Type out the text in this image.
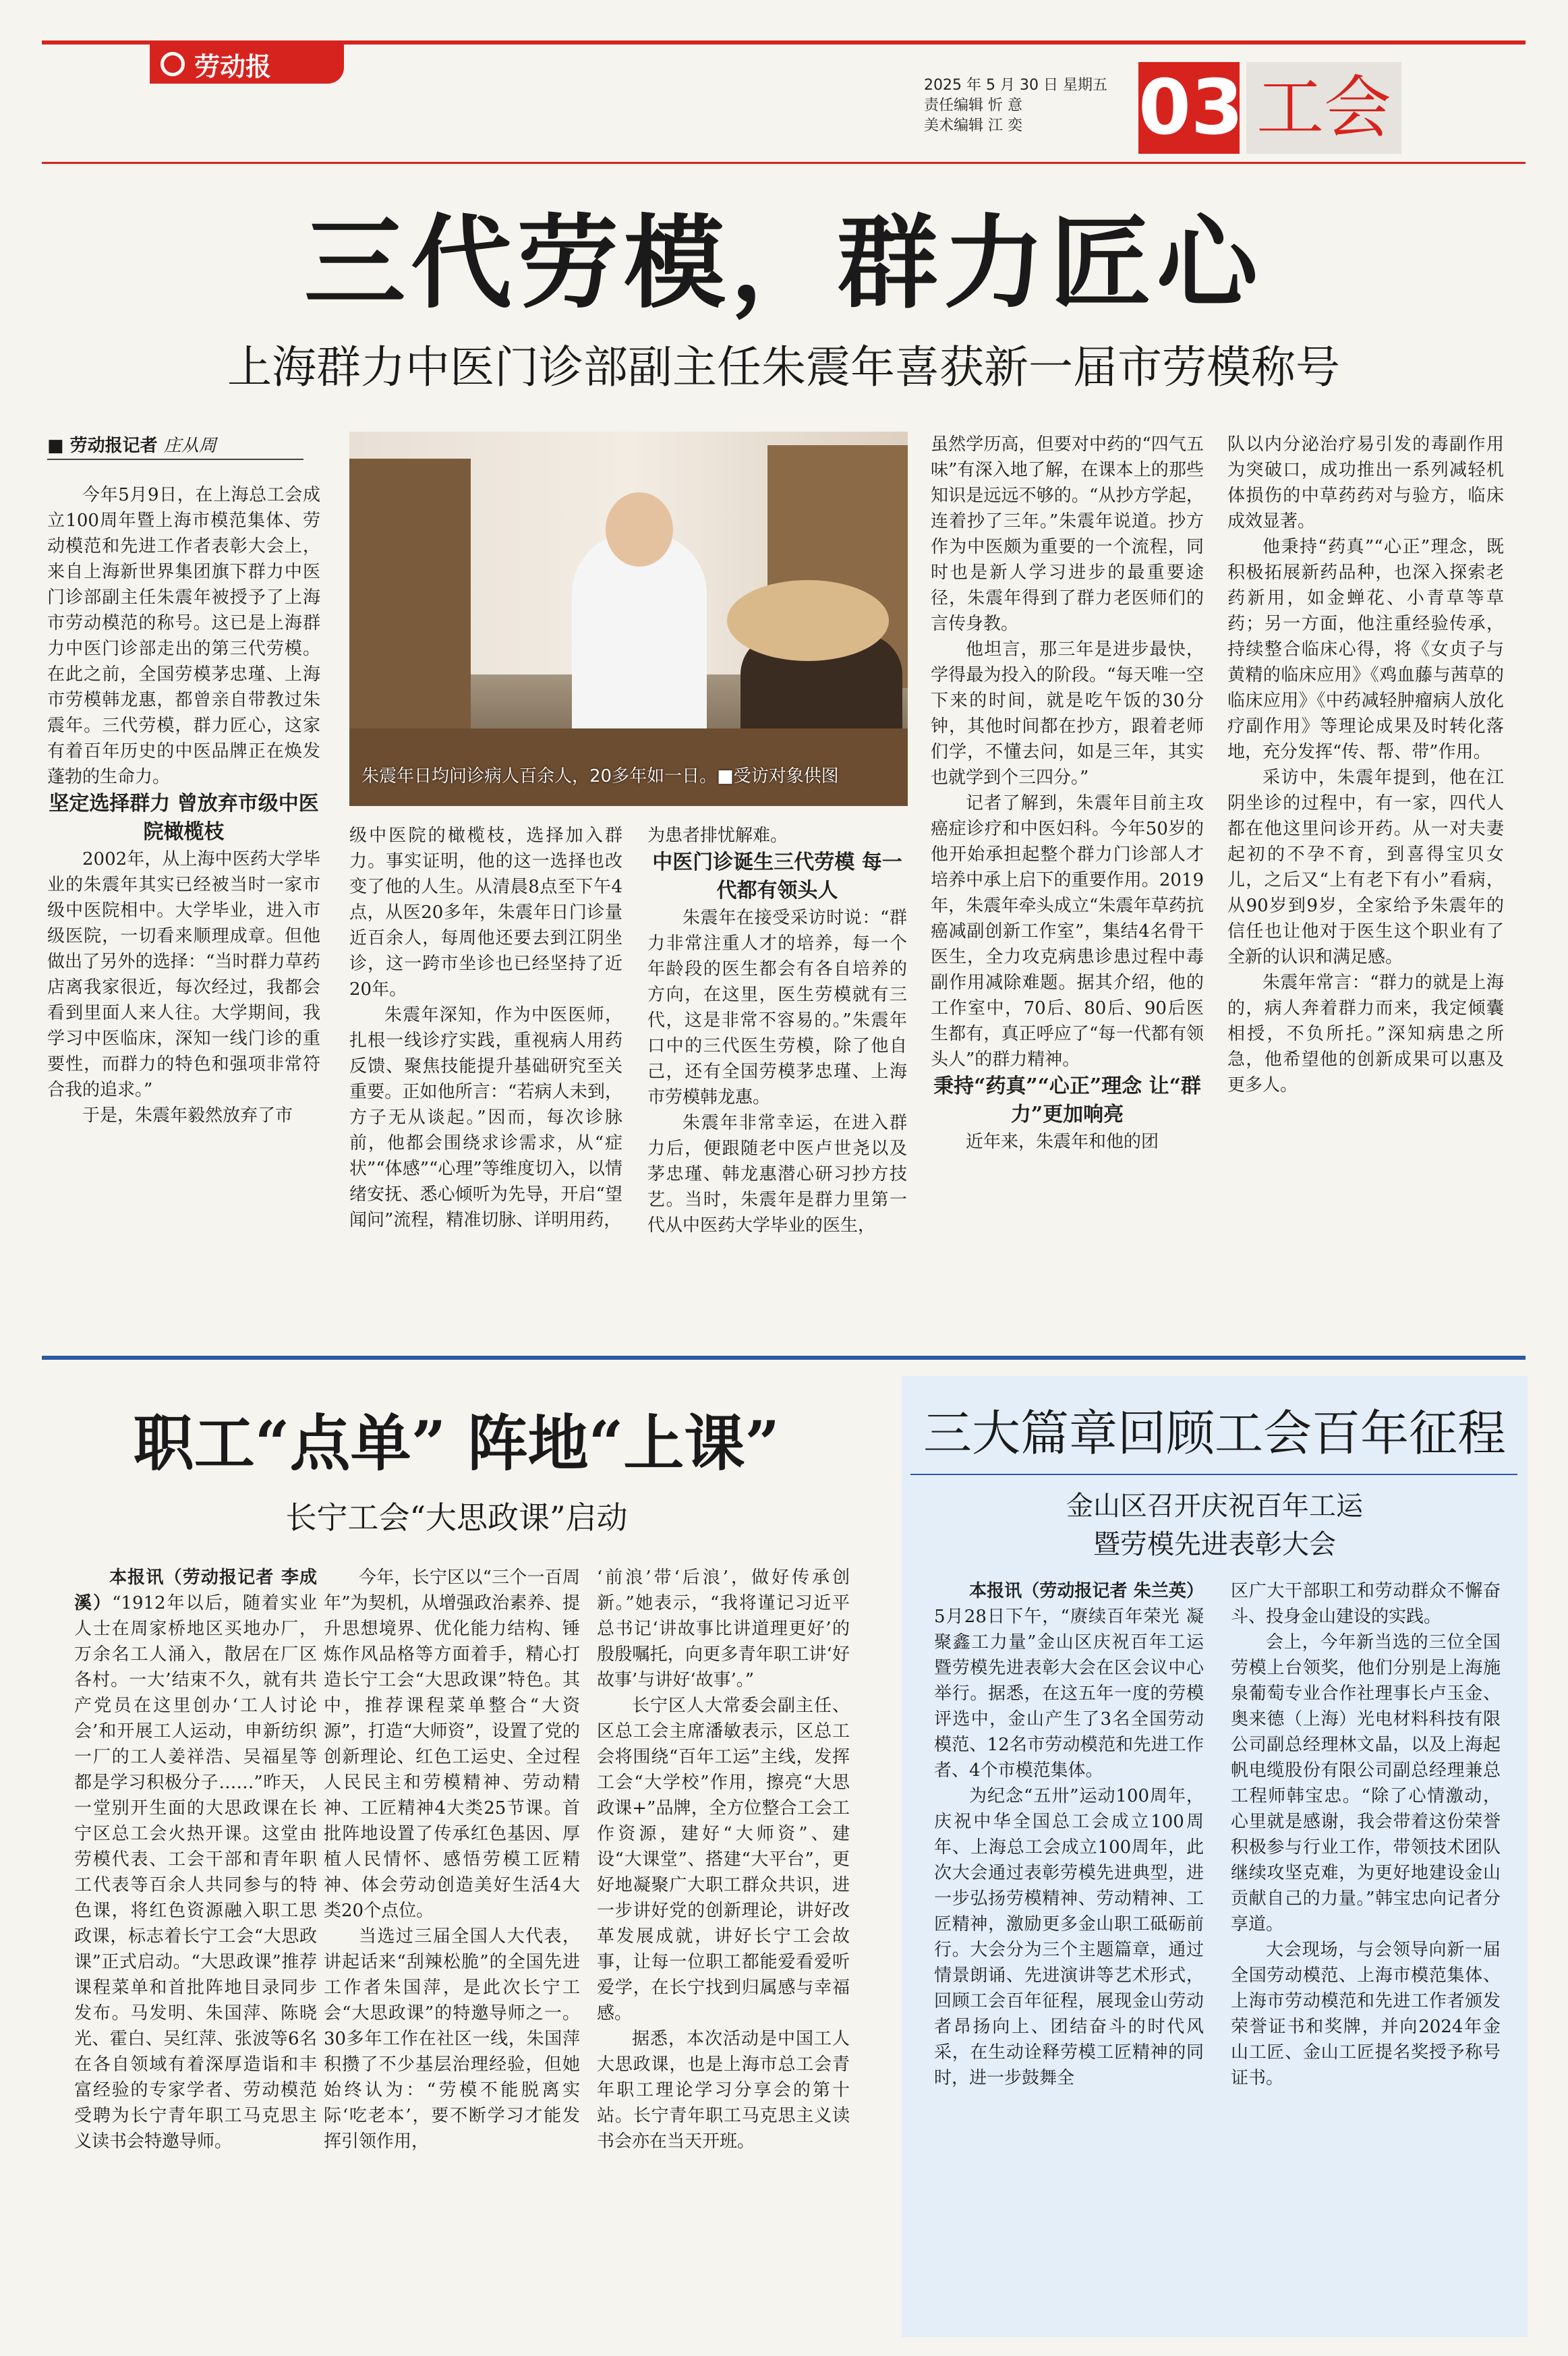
劳动报
2025 年 5 月 30 日 星期五
责任编辑 忻 意
美术编辑 江 奕	03 工会
三代劳模，群力匠心
上海群力中医门诊部副主任朱震年喜获新一届市劳模称号
■ 劳动报记者 庄从周

今年5月9日，在上海总工会成立100周年暨上海市模范集体、劳动模范和先进工作者表彰大会上，来自上海新世界集团旗下群力中医门诊部副主任朱震年被授予了上海市劳动模范的称号。这已是上海群力中医门诊部走出的第三代劳模。在此之前，全国劳模茅忠瑾、上海市劳模韩龙惠，都曾亲自带教过朱震年。三代劳模，群力匠心，这家有着百年历史的中医品牌正在焕发蓬勃的生命力。

坚定选择群力 曾放弃市级中医院橄榄枝

2002年，从上海中医药大学毕业的朱震年其实已经被当时一家市级中医院相中。大学毕业，进入市级医院，一切看来顺理成章。但他做出了另外的选择：“当时群力草药店离我家很近，每次经过，我都会看到里面人来人往。大学期间，我学习中医临床，深知一线门诊的重要性，而群力的特色和强项非常符合我的追求。”

于是，朱震年毅然放弃了市

朱震年日均问诊病人百余人，20多年如一日。■受访对象供图

级中医院的橄榄枝，选择加入群力。事实证明，他的这一选择也改变了他的人生。从清晨8点至下午4点，从医20多年，朱震年日门诊量近百余人，每周他还要去到江阴坐诊，这一跨市坐诊也已经坚持了近20年。

朱震年深知，作为中医医师，扎根一线诊疗实践，重视病人用药反馈、聚焦技能提升基础研究至关重要。正如他所言：“若病人未到，方子无从谈起。”因而，每次诊脉前，他都会围绕求诊需求，从“症状”“体感”“心理”等维度切入，以情绪安抚、悉心倾听为先导，开启“望闻问”流程，精准切脉、详明用药，

为患者排忧解难。

中医门诊诞生三代劳模 每一代都有领头人

朱震年在接受采访时说：“群力非常注重人才的培养，每一个年龄段的医生都会有各自培养的方向，在这里，医生劳模就有三代，这是非常不容易的。”朱震年口中的三代医生劳模，除了他自己，还有全国劳模茅忠瑾、上海市劳模韩龙惠。

朱震年非常幸运，在进入群力后，便跟随老中医卢世尧以及茅忠瑾、韩龙惠潜心研习抄方技艺。当时，朱震年是群力里第一代从中医药大学毕业的医生，

虽然学历高，但要对中药的“四气五味”有深入地了解，在课本上的那些知识是远远不够的。“从抄方学起，连着抄了三年。”朱震年说道。抄方作为中医颇为重要的一个流程，同时也是新人学习进步的最重要途径，朱震年得到了群力老医师们的言传身教。

他坦言，那三年是进步最快，学得最为投入的阶段。“每天唯一空下来的时间，就是吃午饭的30分钟，其他时间都在抄方，跟着老师们学，不懂去问，如是三年，其实也就学到个三四分。”

记者了解到，朱震年目前主攻癌症诊疗和中医妇科。今年50岁的他开始承担起整个群力门诊部人才培养中承上启下的重要作用。2019年，朱震年牵头成立“朱震年草药抗癌减副创新工作室”，集结4名骨干医生，全力攻克病患诊患过程中毒副作用减除难题。据其介绍，他的工作室中，70后、80后、90后医生都有，真正呼应了“每一代都有领头人”的群力精神。

秉持“药真”“心正”理念 让“群力”更加响亮

近年来，朱震年和他的团

队以内分泌治疗易引发的毒副作用为突破口，成功推出一系列减轻机体损伤的中草药药对与验方，临床成效显著。

他秉持“药真”“心正”理念，既积极拓展新药品种，也深入探索老药新用，如金蝉花、小青草等草药；另一方面，他注重经验传承，持续整合临床心得，将《女贞子与黄精的临床应用》《鸡血藤与茜草的临床应用》《中药减轻肿瘤病人放化疗副作用》等理论成果及时转化落地，充分发挥“传、帮、带”作用。

采访中，朱震年提到，他在江阴坐诊的过程中，有一家，四代人都在他这里问诊开药。从一对夫妻起初的不孕不育，到喜得宝贝女儿，之后又“上有老下有小”看病，从90岁到9岁，全家给予朱震年的信任也让他对于医生这个职业有了全新的认识和满足感。

朱震年常言：“群力的就是上海的，病人奔着群力而来，我定倾囊相授，不负所托。”深知病患之所急，他希望他的创新成果可以惠及更多人。

职工“点单” 阵地“上课”
长宁工会“大思政课”启动

本报讯（劳动报记者 李成溪）“1912年以后，随着实业人士在周家桥地区买地办厂，万余名工人涌入，散居在厂区各村。一大’结束不久，就有共产党员在这里创办‘工人讨论会’和开展工人运动，申新纺织一厂的工人姜祥浩、吴福星等都是学习积极分子……”昨天，一堂别开生面的大思政课在长宁区总工会火热开课。这堂由劳模代表、工会干部和青年职工代表等百余人共同参与的特色课，将红色资源融入职工思政课，标志着长宁工会“大思政课”正式启动。“大思政课”推荐课程菜单和首批阵地目录同步发布。马发明、朱国萍、陈晓光、霍白、吴红萍、张波等6名在各自领域有着深厚造诣和丰富经验的专家学者、劳动模范受聘为长宁青年职工马克思主义读书会特邀导师。

今年，长宁区以“三个一百周年”为契机，从增强政治素养、提升思想境界、优化能力结构、锤炼作风品格等方面着手，精心打造长宁工会“大思政课”特色。其中，推荐课程菜单整合“大资源”，打造“大师资”，设置了党的创新理论、红色工运史、全过程人民民主和劳模精神、劳动精神、工匠精神4大类25节课。首批阵地设置了传承红色基因、厚植人民情怀、感悟劳模工匠精神、体会劳动创造美好生活4大类20个点位。

当选过三届全国人大代表，讲起话来“刮辣松脆”的全国先进工作者朱国萍，是此次长宁工会“大思政课”的特邀导师之一。30多年工作在社区一线，朱国萍积攒了不少基层治理经验，但她始终认为：“劳模不能脱离实际‘吃老本’，要不断学习才能发挥引领作用，

‘前浪’带‘后浪’，做好传承创新。”她表示，“我将谨记习近平总书记‘讲故事比讲道理更好’的殷殷嘱托，向更多青年职工讲‘好故事’与讲好‘故事’。”

长宁区人大常委会副主任、区总工会主席潘敏表示，区总工会将围绕“百年工运”主线，发挥工会“大学校”作用，擦亮“大思政课+”品牌，全方位整合工会工作资源，建好“大师资”、建设“大课堂”、搭建“大平台”，更好地凝聚广大职工群众共识，进一步讲好党的创新理论，讲好改革发展成就，讲好长宁工会故事，让每一位职工都能爱看爱听爱学，在长宁找到归属感与幸福感。

据悉，本次活动是中国工人大思政课，也是上海市总工会青年职工理论学习分享会的第十站。长宁青年职工马克思主义读书会亦在当天开班。

三大篇章回顾工会百年征程
金山区召开庆祝百年工运
暨劳模先进表彰大会

本报讯（劳动报记者 朱兰英）5月28日下午，“赓续百年荣光 凝聚鑫工力量”金山区庆祝百年工运暨劳模先进表彰大会在区会议中心举行。据悉，在这五年一度的劳模评选中，金山产生了3名全国劳动模范、12名市劳动模范和先进工作者、4个市模范集体。

为纪念“五卅”运动100周年，庆祝中华全国总工会成立100周年、上海总工会成立100周年，此次大会通过表彰劳模先进典型，进一步弘扬劳模精神、劳动精神、工匠精神，激励更多金山职工砥砺前行。大会分为三个主题篇章，通过情景朗诵、先进演讲等艺术形式，回顾工会百年征程，展现金山劳动者昂扬向上、团结奋斗的时代风采，在生动诠释劳模工匠精神的同时，进一步鼓舞全

区广大干部职工和劳动群众不懈奋斗、投身金山建设的实践。

会上，今年新当选的三位全国劳模上台领奖，他们分别是上海施泉葡萄专业合作社理事长卢玉金、奥来德（上海）光电材料科技有限公司副总经理林文晶，以及上海起帆电缆股份有限公司副总经理兼总工程师韩宝忠。“除了心情激动，心里就是感谢，我会带着这份荣誉积极参与行业工作，带领技术团队继续攻坚克难，为更好地建设金山贡献自己的力量。”韩宝忠向记者分享道。

大会现场，与会领导向新一届全国劳动模范、上海市模范集体、上海市劳动模范和先进工作者颁发荣誉证书和奖牌，并向2024年金山工匠、金山工匠提名奖授予称号证书。
